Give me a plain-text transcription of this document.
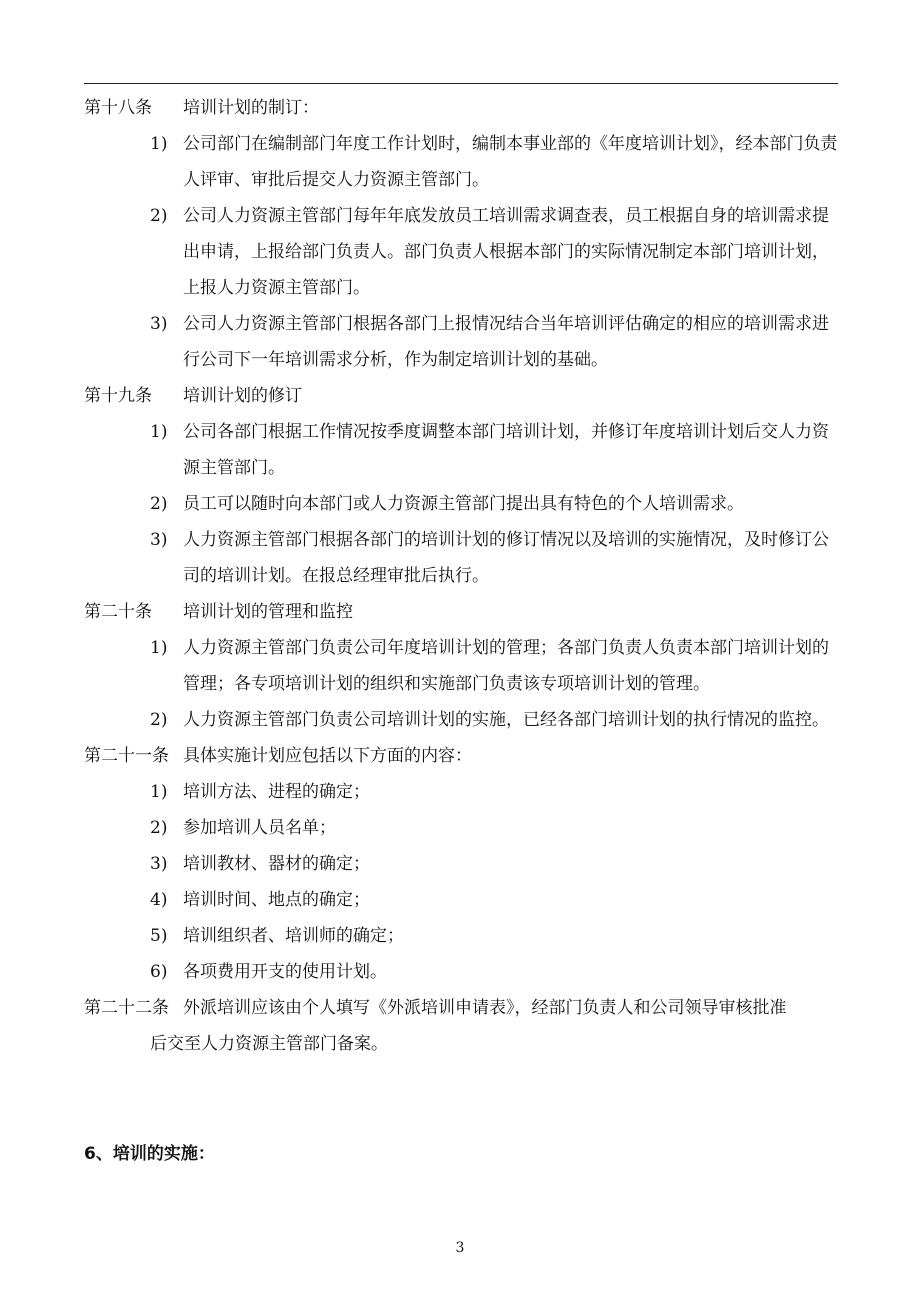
第十八条	培训计划的制订：
1) 公司部门在编制部门年度工作计划时，编制本事业部的《年度培训计划》，经本部门负责人评审、审批后提交人力资源主管部门。
2) 公司人力资源主管部门每年年底发放员工培训需求调查表，员工根据自身的培训需求提出申请，上报给部门负责人。部门负责人根据本部门的实际情况制定本部门培训计划，上报人力资源主管部门。
3) 公司人力资源主管部门根据各部门上报情况结合当年培训评估确定的相应的培训需求进行公司下一年培训需求分析，作为制定培训计划的基础。
第十九条	培训计划的修订
1) 公司各部门根据工作情况按季度调整本部门培训计划，并修订年度培训计划后交人力资源主管部门。
2) 员工可以随时向本部门或人力资源主管部门提出具有特色的个人培训需求。
3) 人力资源主管部门根据各部门的培训计划的修订情况以及培训的实施情况，及时修订公司的培训计划。在报总经理审批后执行。
第二十条	培训计划的管理和监控
1) 人力资源主管部门负责公司年度培训计划的管理；各部门负责人负责本部门培训计划的管理；各专项培训计划的组织和实施部门负责该专项培训计划的管理。
2) 人力资源主管部门负责公司培训计划的实施，已经各部门培训计划的执行情况的监控。
第二十一条 具体实施计划应包括以下方面的内容：
1) 培训方法、进程的确定；
2) 参加培训人员名单；
3) 培训教材、器材的确定；
4) 培训时间、地点的确定；
5) 培训组织者、培训师的确定；
6) 各项费用开支的使用计划。
第二十二条 外派培训应该由个人填写《外派培训申请表》，经部门负责人和公司领导审核批准
后交至人力资源主管部门备案。
6、培训的实施：
3
